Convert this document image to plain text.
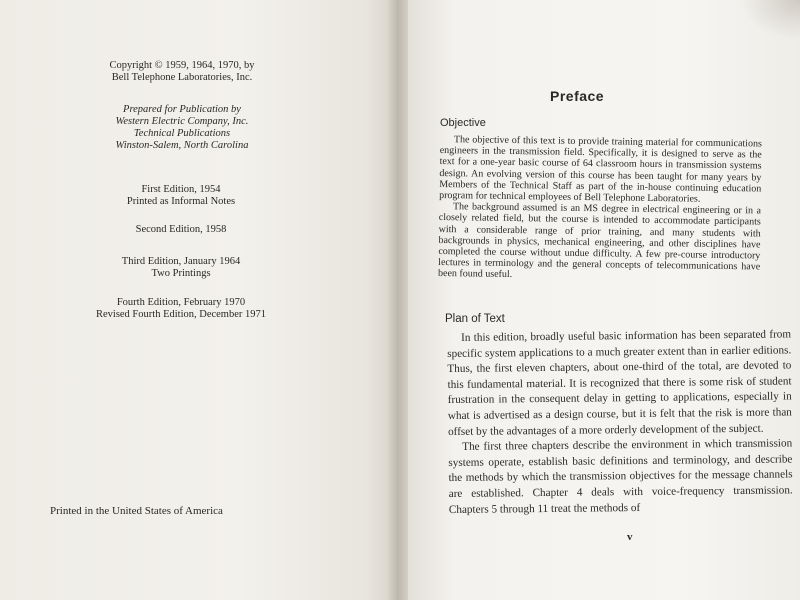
Copyright © 1959, 1964, 1970, by
Bell Telephone Laboratories, Inc.
Prepared for Publication by
Western Electric Company, Inc.
Technical Publications
Winston-Salem, North Carolina
First Edition, 1954
Printed as Informal Notes
Second Edition, 1958
Third Edition, January 1964
Two Printings
Fourth Edition, February 1970
Revised Fourth Edition, December 1971
Printed in the United States of America
Preface
Objective

The objective of this text is to provide training material for communications engineers in the transmission field. Specifically, it is designed to serve as the text for a one-year basic course of 64 classroom hours in transmission systems design. An evolving version of this course has been taught for many years by Members of the Technical Staff as part of the in-house continuing education program for technical employees of Bell Telephone Laboratories.

The background assumed is an MS degree in electrical engineering or in a closely related field, but the course is intended to accommodate participants with a considerable range of prior training, and many students with backgrounds in physics, mechanical engineering, and other disciplines have completed the course without undue difficulty. A few pre-course introductory lectures in terminology and the general concepts of telecommunications have been found useful.

Plan of Text

In this edition, broadly useful basic information has been separated from specific system applications to a much greater extent than in earlier editions. Thus, the first eleven chapters, about one-third of the total, are devoted to this fundamental material. It is recognized that there is some risk of student frustration in the consequent delay in getting to applications, especially in what is advertised as a design course, but it is felt that the risk is more than offset by the advantages of a more orderly development of the subject.

The first three chapters describe the environment in which transmission systems operate, establish basic definitions and terminology, and describe the methods by which the transmission objectives for the message channels are established. Chapter 4 deals with voice-frequency transmission. Chapters 5 through 11 treat the methods of

v
